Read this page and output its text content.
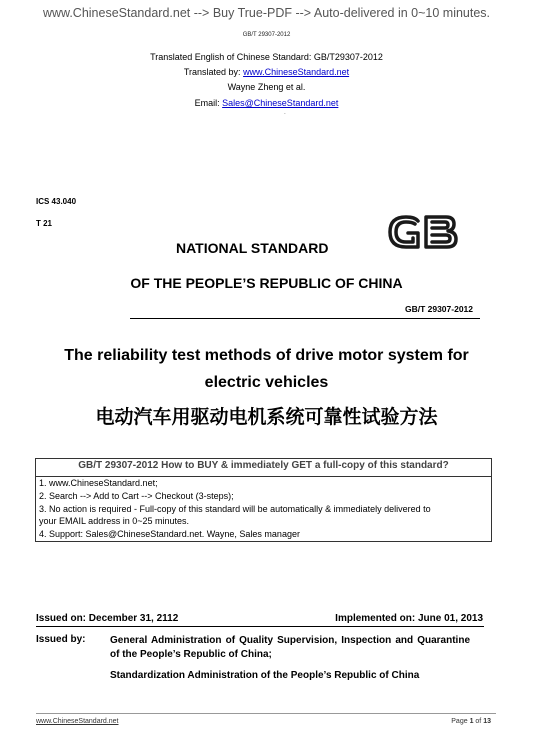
www.ChineseStandard.net --> Buy True-PDF --> Auto-delivered in 0~10 minutes.
GB/T 29307-2012
Translated English of Chinese Standard: GB/T29307-2012
Translated by: www.ChineseStandard.net
Wayne Zheng et al.
Email: Sales@ChineseStandard.net
ICS 43.040
T 21
GB
NATIONAL STANDARD
OF THE PEOPLE’S REPUBLIC OF CHINA
GB/T 29307-2012
The reliability test methods of drive motor system for
electric vehicles
电动汽车用驱动电机系统可靠性试验方法
GB/T 29307-2012 How to BUY & immediately GET a full-copy of this standard?
1. www.ChineseStandard.net;
2. Search --> Add to Cart --> Checkout (3-steps);
3. No action is required - Full-copy of this standard will be automatically & immediately delivered to
your EMAIL address in 0~25 minutes.
4. Support: Sales@ChineseStandard.net. Wayne, Sales manager
Issued on: December 31, 2112	Implemented on: June 01, 2013
Issued by: General Administration of Quality Supervision, Inspection and Quarantine of the People’s Republic of China;
Standardization Administration of the People’s Republic of China
www.ChineseStandard.net	Page 1 of 13
